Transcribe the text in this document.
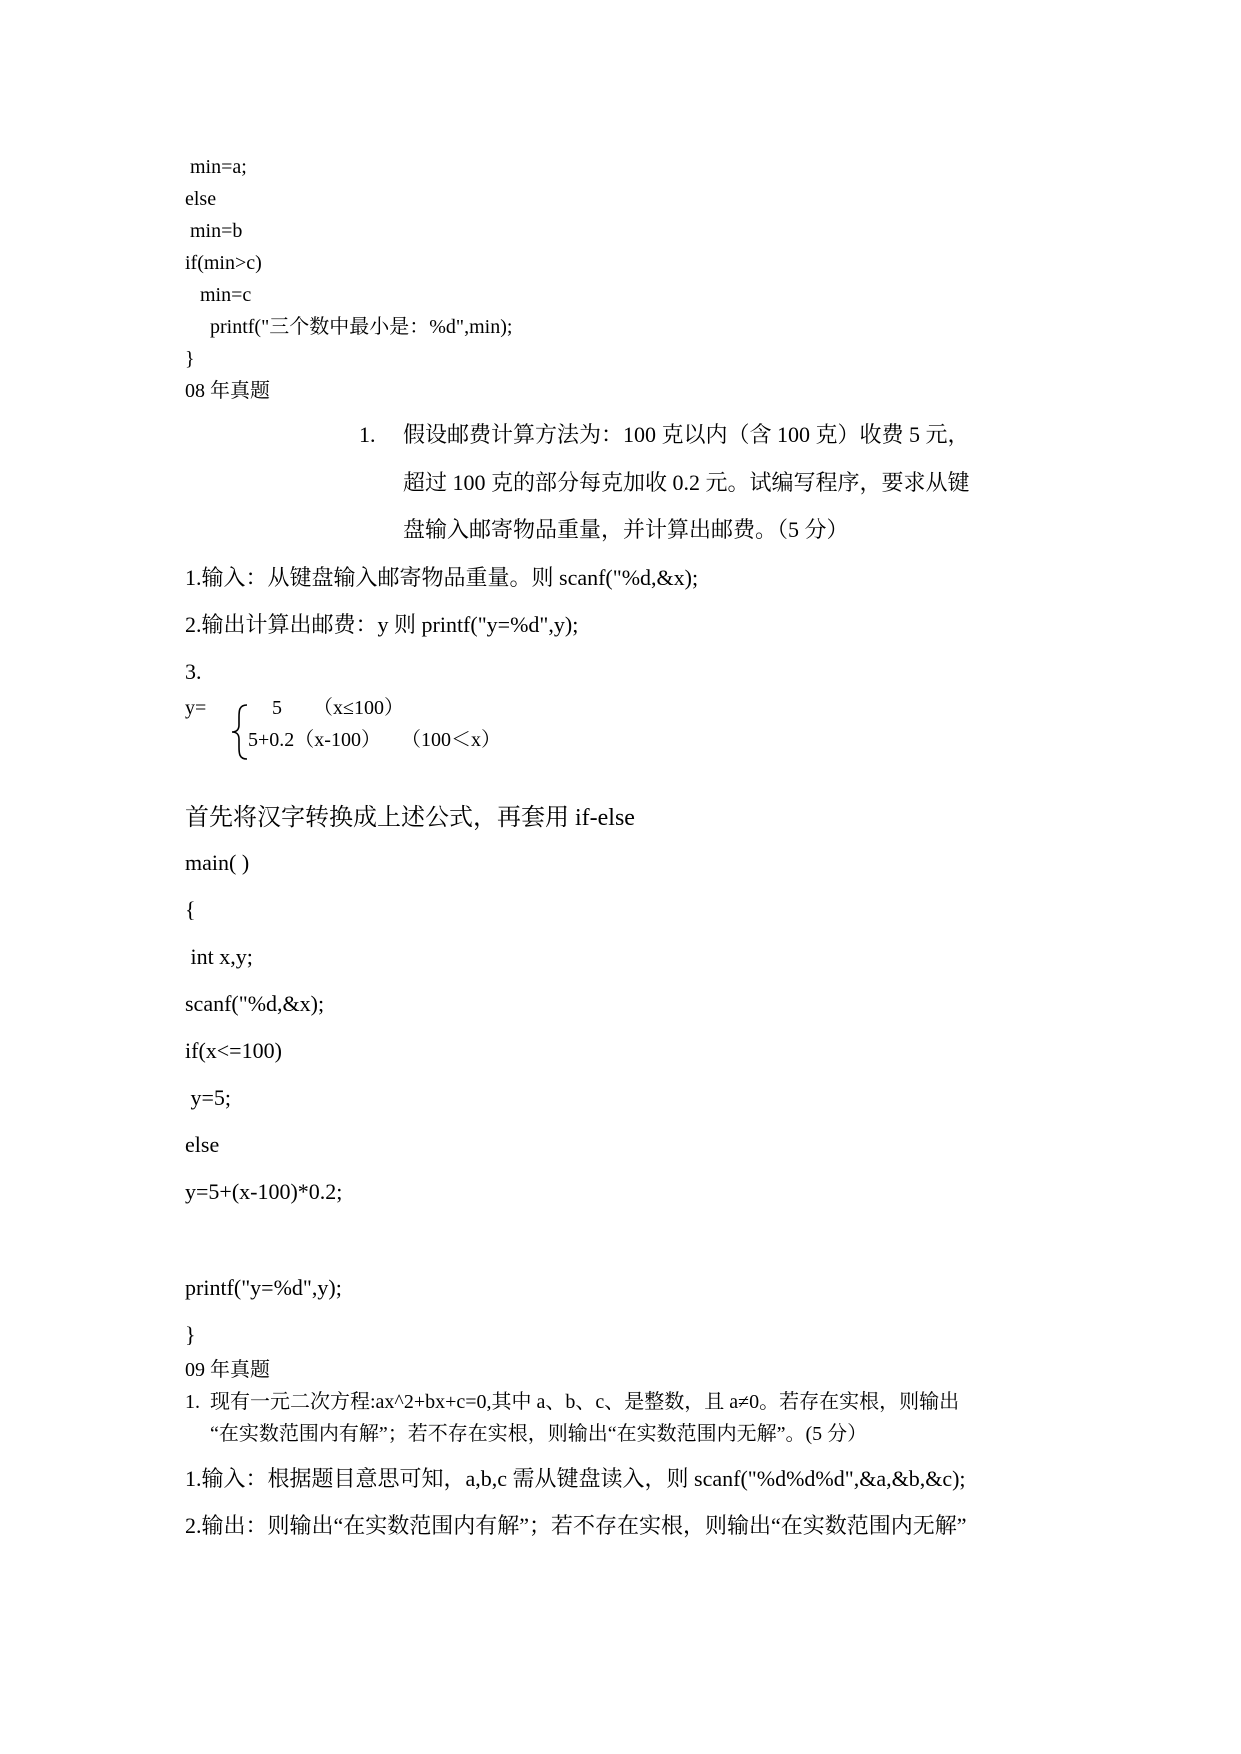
min=a;
else
min=b
if(min>c)
min=c
printf("三个数中最小是：%d",min);
}
08 年真题
1. 假设邮费计算方法为：100 克以内（含 100 克）收费 5 元，
超过 100 克的部分每克加收 0.2 元。试编写程序，要求从键
盘输入邮寄物品重量，并计算出邮费。（5 分）
1.输入：从键盘输入邮寄物品重量。则 scanf("%d,&x);
2.输出计算出邮费：y 则 printf("y=%d",y);
3.
y=	5 （x≤100）
5+0.2（x-100）    （100＜x）
首先将汉字转换成上述公式，再套用 if-else
main( )
{
int x,y;
scanf("%d,&x);
if(x<=100)
y=5;
else
y=5+(x-100)*0.2;
printf("y=%d",y);
}
09 年真题
1.  现有一元二次方程:ax^2+bx+c=0,其中 a、b、c、是整数，且 a≠0。若存在实根，则输出
“在实数范围内有解”；若不存在实根，则输出“在实数范围内无解”。(5 分）
1.输入：根据题目意思可知，a,b,c 需从键盘读入，则 scanf("%d%d%d",&a,&b,&c);
2.输出：则输出“在实数范围内有解”；若不存在实根，则输出“在实数范围内无解”
